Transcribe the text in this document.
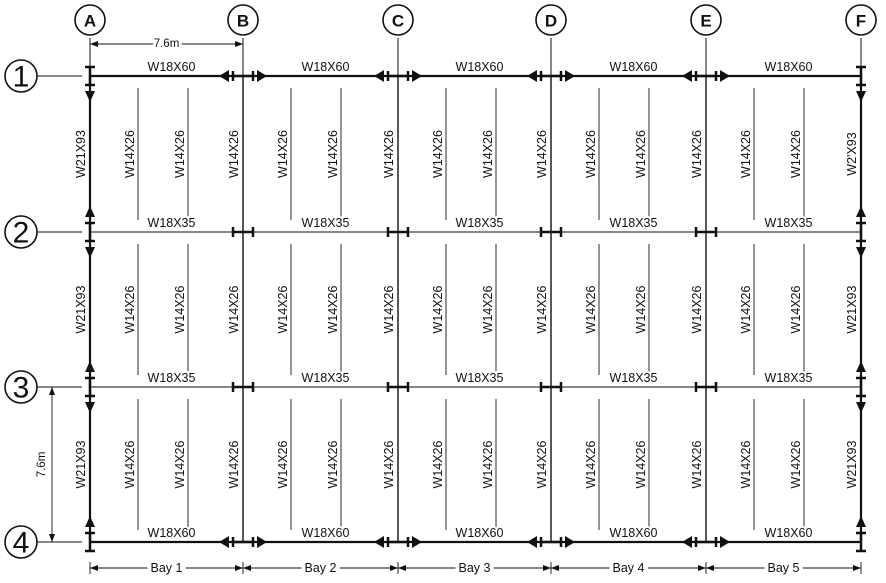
A	B	C	D	E	F
1
2
3
4
W18X60	W18X60	W18X60	W18X60	W18X60
W18X35	W18X35	W18X35	W18X35	W18X35
W18X35	W18X35	W18X35	W18X35	W18X35
W18X60	W18X60	W18X60	W18X60	W18X60
W14X26	W14X26	W14X26	W14X26
W14X26	W14X26	W14X26	W14X26	W14X26	W14X26	W14X26	W14X26	W14X26	W14X26
W21X93	W2'X93
W14X26	W14X26	W14X26	W14X26
W14X26	W14X26	W14X26	W14X26	W14X26	W14X26	W14X26	W14X26	W14X26	W14X26
W21X93	W21X93
W14X26	W14X26	W14X26	W14X26
W14X26	W14X26	W14X26	W14X26	W14X26	W14X26	W14X26	W14X26	W14X26	W14X26
W21X93	W21X93
7.6m
7.6m
Bay 1	Bay 2	Bay 3	Bay 4	Bay 5
